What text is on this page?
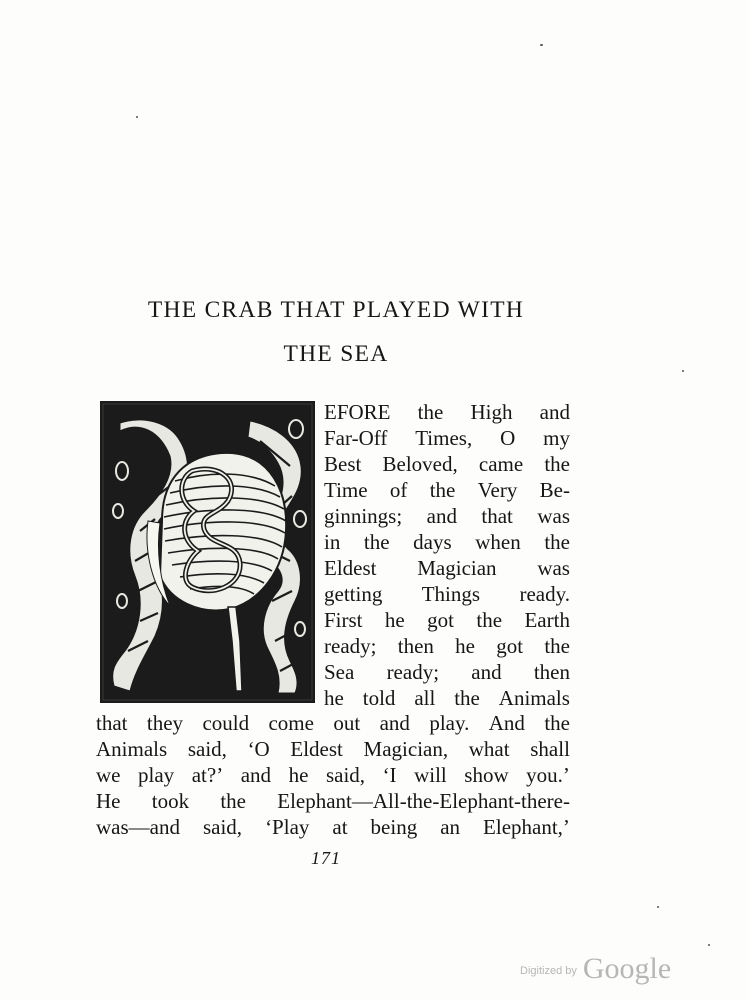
THE CRAB THAT PLAYED WITH
THE SEA
EFORE the High and
Far-Off Times, O my
Best Beloved, came the
Time of the Very Be-
ginnings; and that was
in the days when the
Eldest Magician was
getting Things ready.
First he got the Earth
ready; then he got the
Sea ready; and then
he told all the Animals
that they could come out and play. And the
Animals said, ‘O Eldest Magician, what shall
we play at?’ and he said, ‘I will show you.’
He took the Elephant—All-the-Elephant-there-
was—and said, ‘Play at being an Elephant,’
171
Digitized by Google
